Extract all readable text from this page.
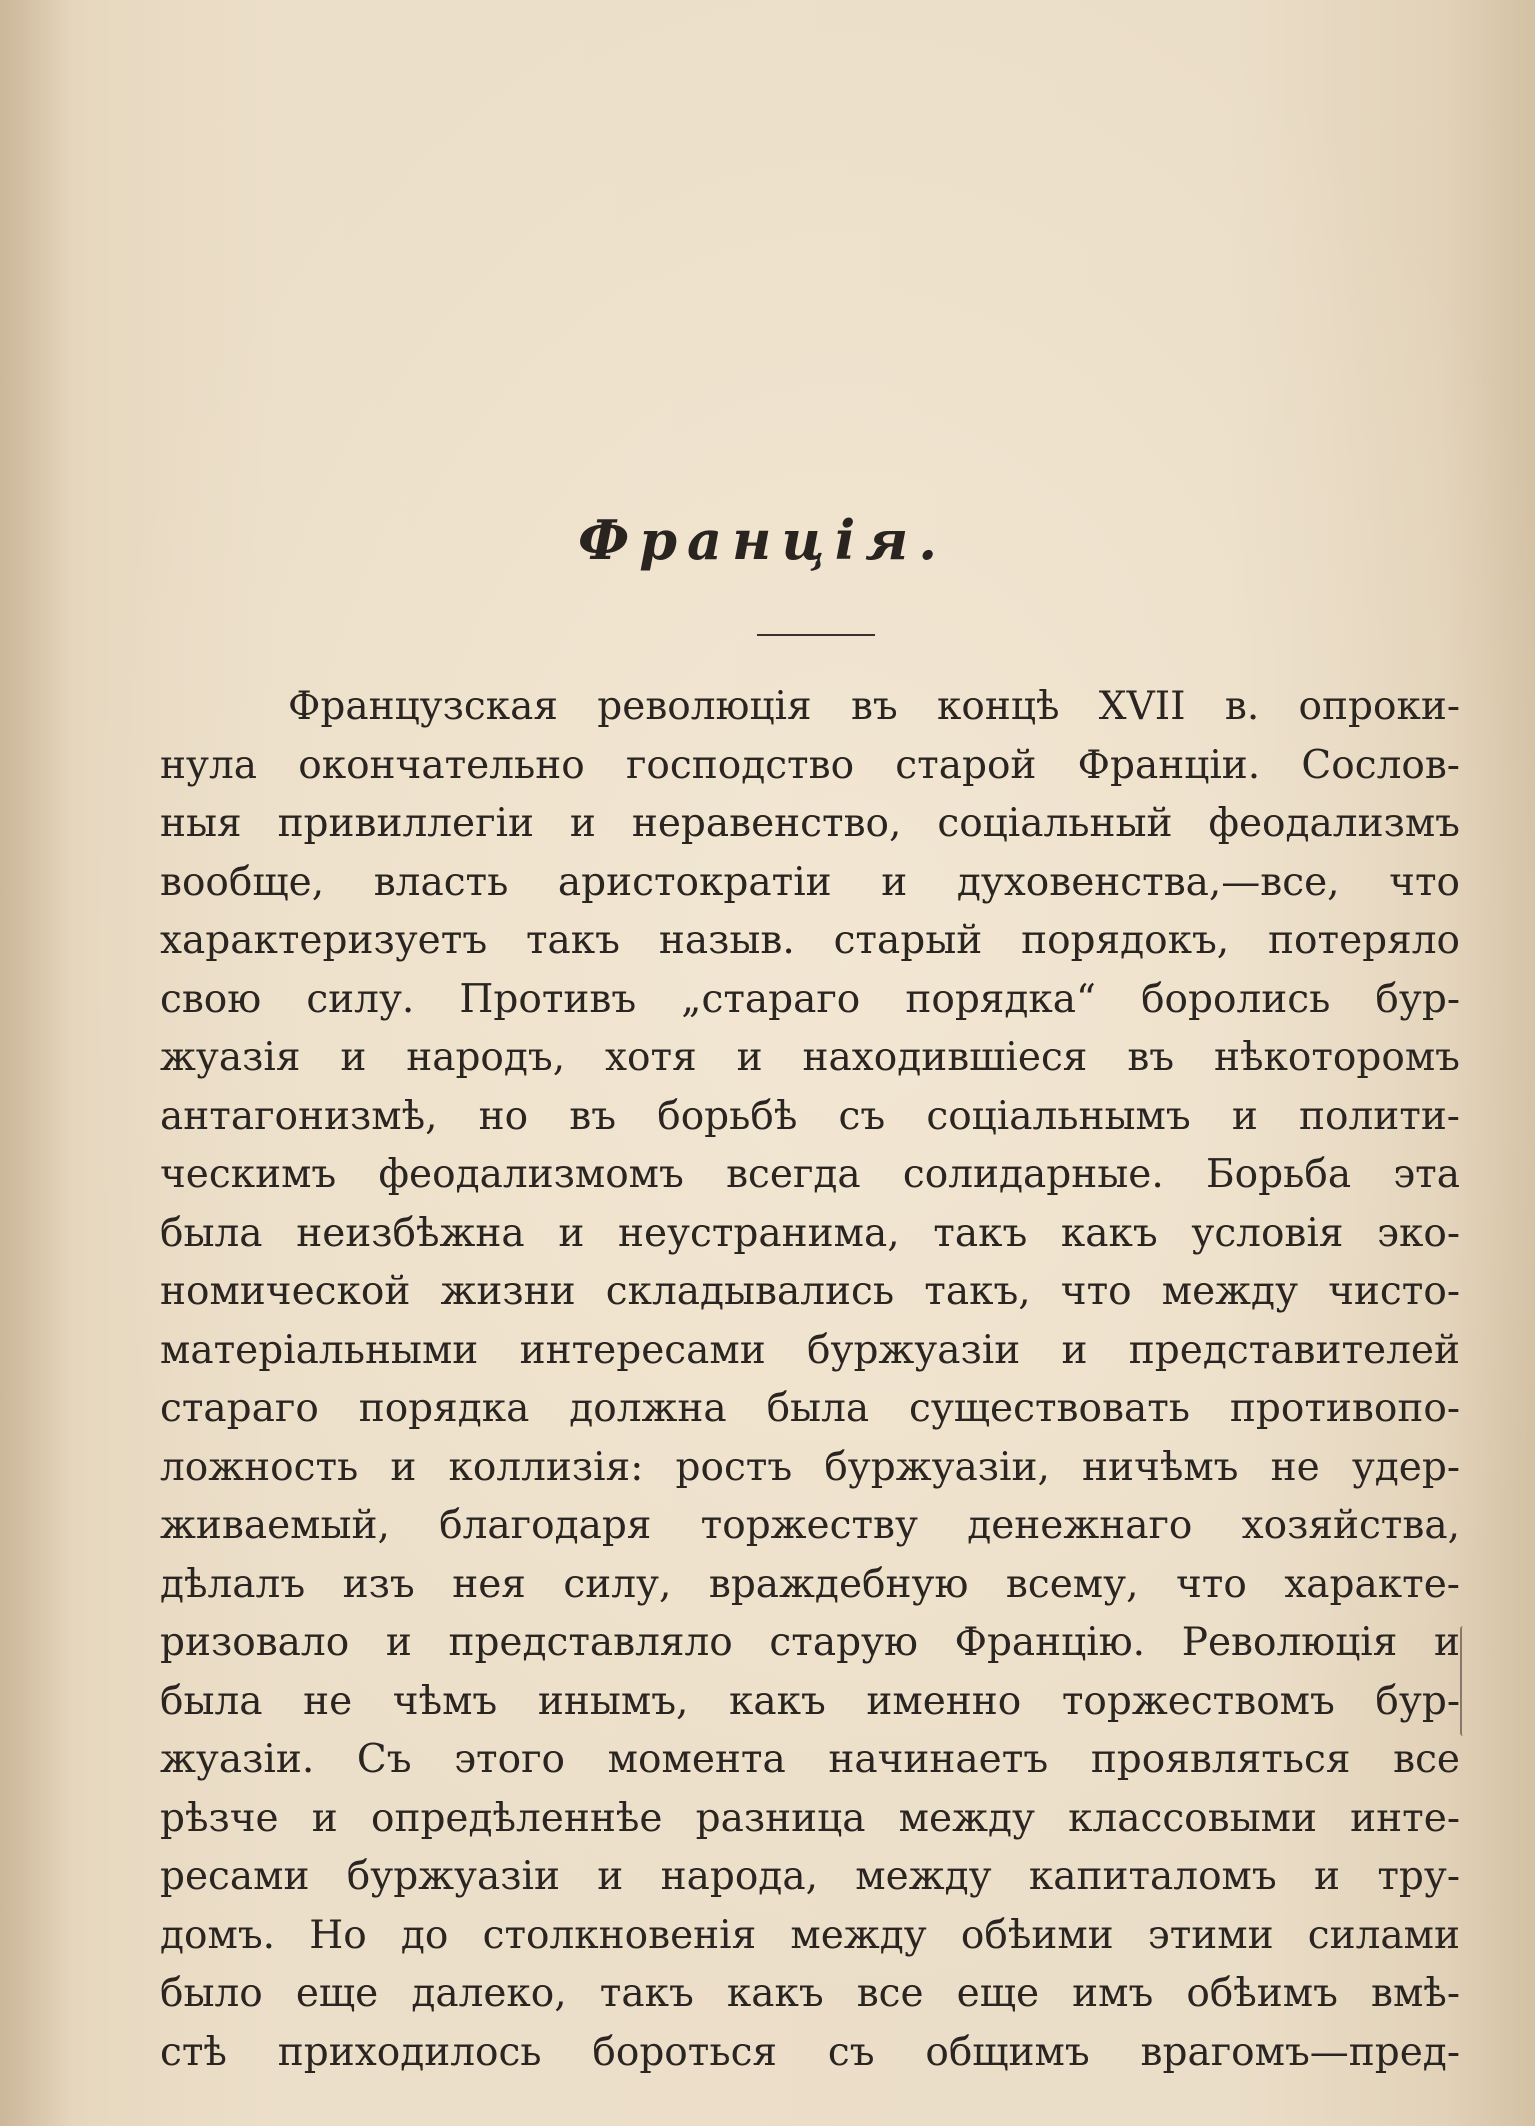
Францiя.
Французская революцiя въ концѣ XVII в. опроки-
нула окончательно господство старой Францiи. Сослов-
ныя привиллегiи и неравенство, соцiальный феодализмъ
вообще, власть аристократiи и духовенства,—все, что
характеризуетъ такъ назыв. старый порядокъ, потеряло
свою силу. Противъ „стараго порядка“ боролись бур-
жуазiя и народъ, хотя и находившiеся въ нѣкоторомъ
антагонизмѣ, но въ борьбѣ съ соцiальнымъ и полити-
ческимъ феодализмомъ всегда солидарные. Борьба эта
была неизбѣжна и неустранима, такъ какъ условiя эко-
номической жизни складывались такъ, что между чисто-
матерiальными интересами буржуазiи и представителей
стараго порядка должна была существовать противопо-
ложность и коллизiя: ростъ буржуазiи, ничѣмъ не удер-
живаемый, благодаря торжеству денежнаго хозяйства,
дѣлалъ изъ нея силу, враждебную всему, что характе-
ризовало и представляло старую Францiю. Революцiя и
была не чѣмъ инымъ, какъ именно торжествомъ бур-
жуазiи. Съ этого момента начинаетъ проявляться все
рѣзче и опредѣленнѣе разница между классовыми инте-
ресами буржуазiи и народа, между капиталомъ и тру-
домъ. Но до столкновенiя между обѣими этими силами
было еще далеко, такъ какъ все еще имъ обѣимъ вмѣ-
стѣ приходилось бороться съ общимъ врагомъ—пред-
